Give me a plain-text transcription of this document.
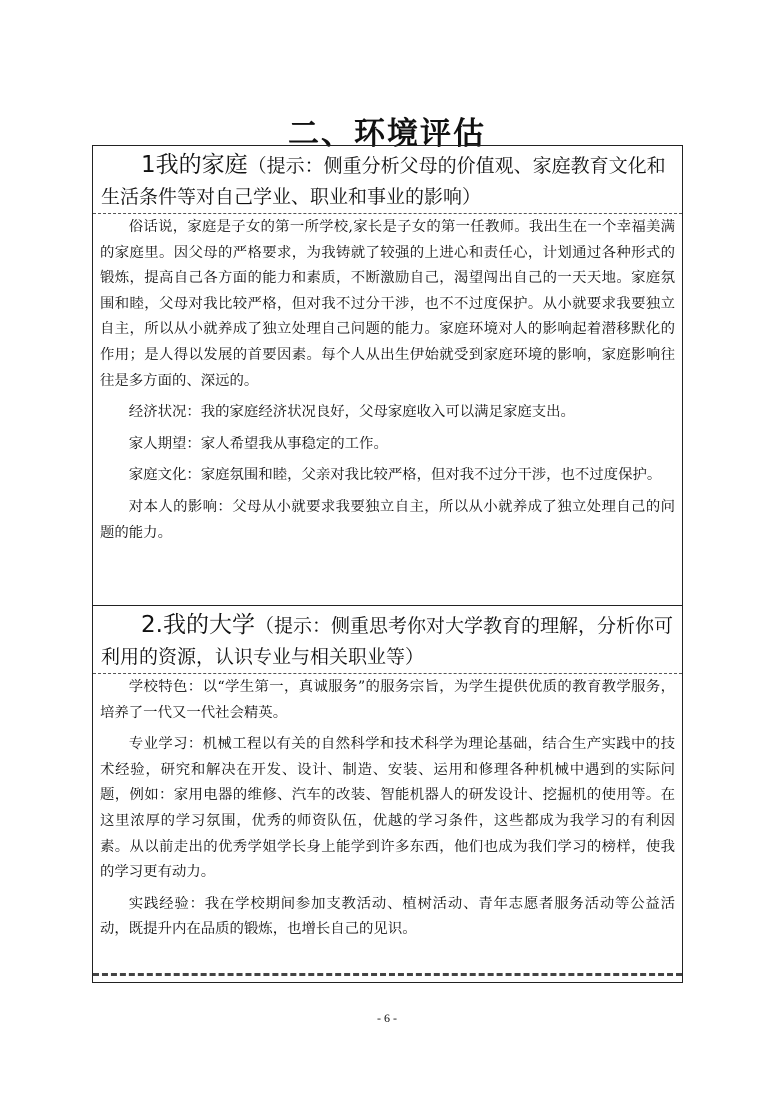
二、环境评估
1我的家庭（提示：侧重分析父母的价值观、家庭教育文化和生活条件等对自己学业、职业和事业的影响）

俗话说，家庭是子女的第一所学校,家长是子女的第一任教师。我出生在一个幸福美满的家庭里。因父母的严格要求，为我铸就了较强的上进心和责任心，计划通过各种形式的锻炼，提高自己各方面的能力和素质，不断激励自己，渴望闯出自己的一天天地。家庭氛围和睦，父母对我比较严格，但对我不过分干涉，也不不过度保护。从小就要求我要独立自主，所以从小就养成了独立处理自己问题的能力。家庭环境对人的影响起着潜移默化的作用；是人得以发展的首要因素。每个人从出生伊始就受到家庭环境的影响，家庭影响往往是多方面的、深远的。

经济状况：我的家庭经济状况良好，父母家庭收入可以满足家庭支出。

家人期望：家人希望我从事稳定的工作。

家庭文化：家庭氛围和睦，父亲对我比较严格，但对我不过分干涉，也不过度保护。

对本人的影响：父母从小就要求我要独立自主，所以从小就养成了独立处理自己的问题的能力。

2.我的大学（提示：侧重思考你对大学教育的理解，分析你可利用的资源，认识专业与相关职业等）

学校特色：以“学生第一，真诚服务”的服务宗旨，为学生提供优质的教育教学服务，培养了一代又一代社会精英。

专业学习：机械工程以有关的自然科学和技术科学为理论基础，结合生产实践中的技术经验，研究和解决在开发、设计、制造、安装、运用和修理各种机械中遇到的实际问题，例如：家用电器的维修、汽车的改装、智能机器人的研发设计、挖掘机的使用等。在这里浓厚的学习氛围，优秀的师资队伍，优越的学习条件，这些都成为我学习的有利因素。从以前走出的优秀学姐学长身上能学到许多东西，他们也成为我们学习的榜样，使我的学习更有动力。

实践经验：我在学校期间参加支教活动、植树活动、青年志愿者服务活动等公益活动，既提升内在品质的锻炼，也增长自己的见识。

- 6 -
